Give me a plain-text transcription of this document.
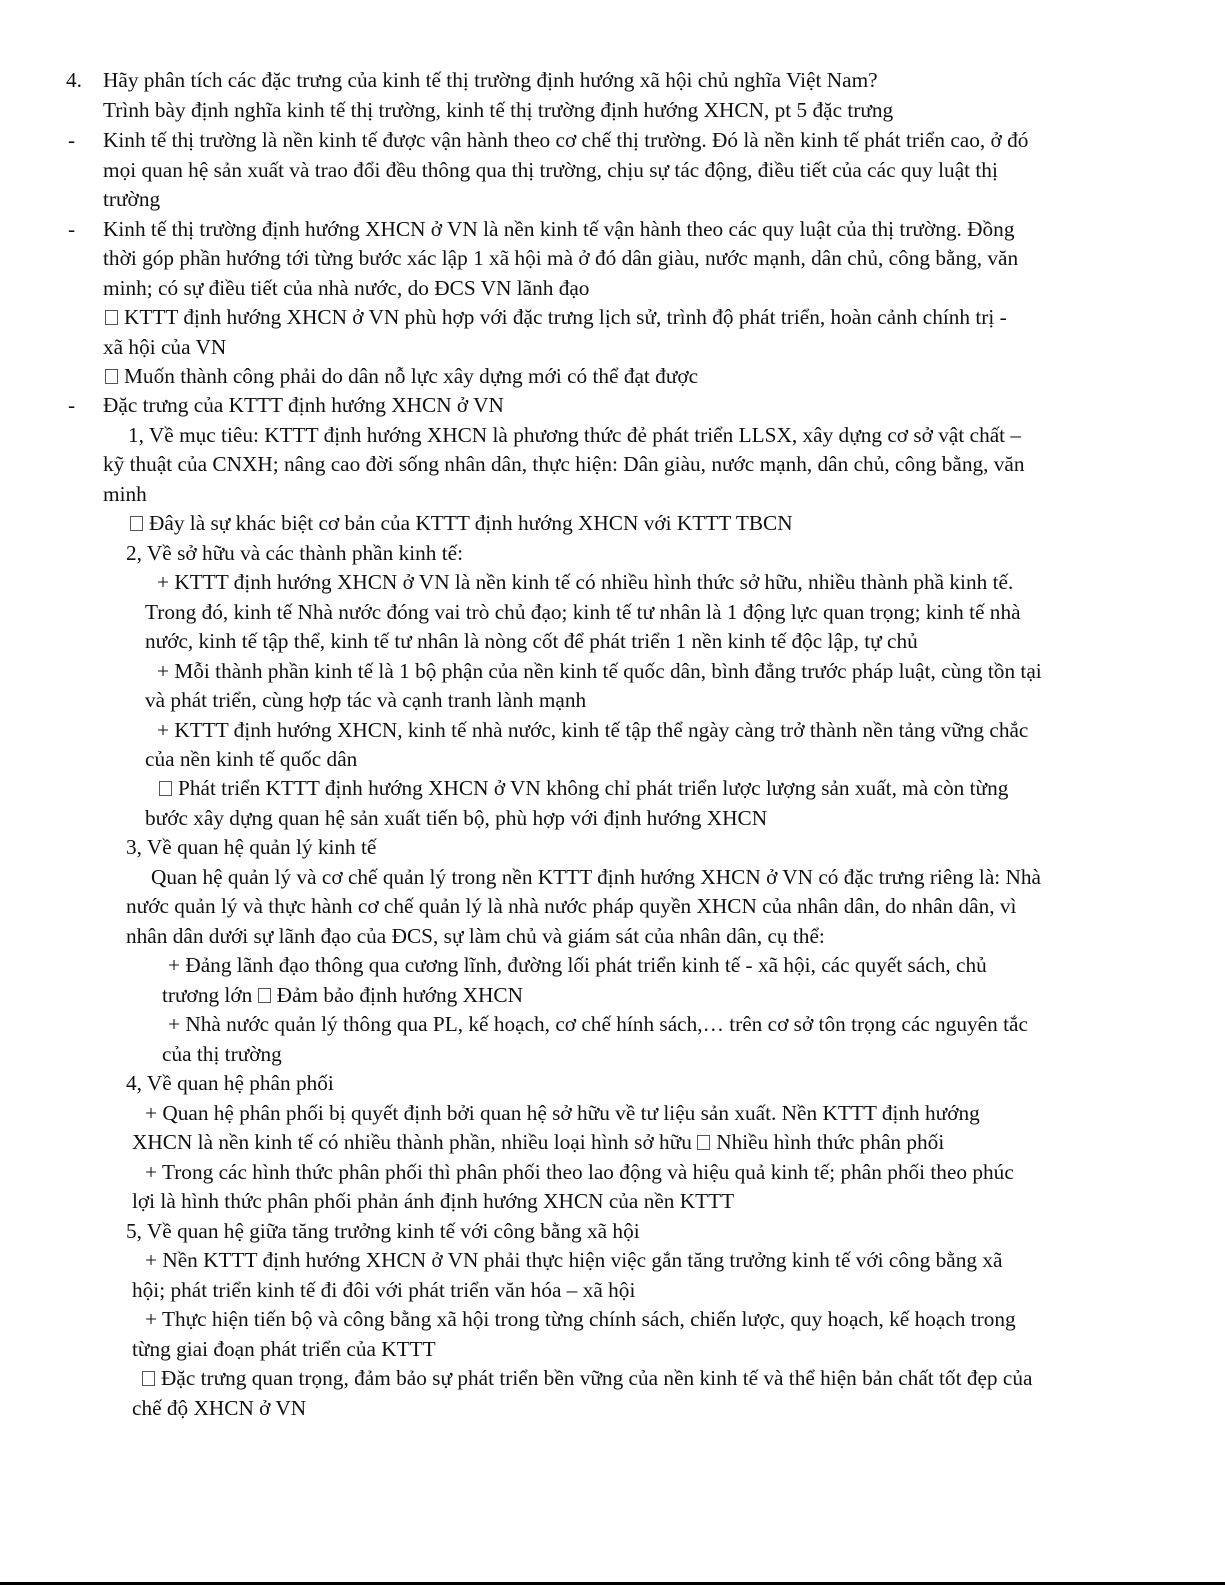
4. Hãy phân tích các đặc trưng của kinh tế thị trường định hướng xã hội chủ nghĩa Việt Nam?
Trình bày định nghĩa kinh tế thị trường, kinh tế thị trường định hướng XHCN, pt 5 đặc trưng
- Kinh tế thị trường là nền kinh tế được vận hành theo cơ chế thị trường. Đó là nền kinh tế phát triển cao, ở đó
mọi quan hệ sản xuất và trao đổi đều thông qua thị trường, chịu sự tác động, điều tiết của các quy luật thị
trường
- Kinh tế thị trường định hướng XHCN ở VN là nền kinh tế vận hành theo các quy luật của thị trường. Đồng
thời góp phần hướng tới từng bước xác lập 1 xã hội mà ở đó dân giàu, nước mạnh, dân chủ, công bằng, văn
minh; có sự điều tiết của nhà nước, do ĐCS VN lãnh đạo
KTTT định hướng XHCN ở VN phù hợp với đặc trưng lịch sử, trình độ phát triển, hoàn cảnh chính trị -
xã hội của VN
Muốn thành công phải do dân nỗ lực xây dựng mới có thể đạt được
- Đặc trưng của KTTT định hướng XHCN ở VN
1, Về mục tiêu: KTTT định hướng XHCN là phương thức đẻ phát triển LLSX, xây dựng cơ sở vật chất –
kỹ thuật của CNXH; nâng cao đời sống nhân dân, thực hiện: Dân giàu, nước mạnh, dân chủ, công bằng, văn
minh
Đây là sự khác biệt cơ bản của KTTT định hướng XHCN với KTTT TBCN
2, Về sở hữu và các thành phần kinh tế:
+ KTTT định hướng XHCN ở VN là nền kinh tế có nhiều hình thức sở hữu, nhiều thành phầ kinh tế.
Trong đó, kinh tế Nhà nước đóng vai trò chủ đạo; kinh tế tư nhân là 1 động lực quan trọng; kinh tế nhà
nước, kinh tế tập thể, kinh tế tư nhân là nòng cốt để phát triển 1 nền kinh tế độc lập, tự chủ
+ Mỗi thành phần kinh tế là 1 bộ phận của nền kinh tế quốc dân, bình đẳng trước pháp luật, cùng tồn tại
và phát triển, cùng hợp tác và cạnh tranh lành mạnh
+ KTTT định hướng XHCN, kinh tế nhà nước, kinh tế tập thể ngày càng trở thành nền tảng vững chắc
của nền kinh tế quốc dân
Phát triển KTTT định hướng XHCN ở VN không chỉ phát triển lược lượng sản xuất, mà còn từng
bước xây dựng quan hệ sản xuất tiến bộ, phù hợp với định hướng XHCN
3, Về quan hệ quản lý kinh tế
Quan hệ quản lý và cơ chế quản lý trong nền KTTT định hướng XHCN ở VN có đặc trưng riêng là: Nhà
nước quản lý và thực hành cơ chế quản lý là nhà nước pháp quyền XHCN của nhân dân, do nhân dân, vì
nhân dân dưới sự lãnh đạo của ĐCS, sự làm chủ và giám sát của nhân dân, cụ thể:
+ Đảng lãnh đạo thông qua cương lĩnh, đường lối phát triển kinh tế - xã hội, các quyết sách, chủ
trương lớn Đảm bảo định hướng XHCN
+ Nhà nước quản lý thông qua PL, kế hoạch, cơ chế hính sách,… trên cơ sở tôn trọng các nguyên tắc
của thị trường
4, Về quan hệ phân phối
+ Quan hệ phân phối bị quyết định bởi quan hệ sở hữu về tư liệu sản xuất. Nền KTTT định hướng
XHCN là nền kinh tế có nhiều thành phần, nhiều loại hình sở hữu Nhiều hình thức phân phối
+ Trong các hình thức phân phối thì phân phối theo lao động và hiệu quả kinh tế; phân phối theo phúc
lợi là hình thức phân phối phản ánh định hướng XHCN của nền KTTT
5, Về quan hệ giữa tăng trưởng kinh tế với công bằng xã hội
+ Nền KTTT định hướng XHCN ở VN phải thực hiện việc gắn tăng trưởng kinh tế với công bằng xã
hội; phát triển kinh tế đi đôi với phát triển văn hóa – xã hội
+ Thực hiện tiến bộ và công bằng xã hội trong từng chính sách, chiến lược, quy hoạch, kế hoạch trong
từng giai đoạn phát triển của KTTT
Đặc trưng quan trọng, đảm bảo sự phát triển bền vững của nền kinh tế và thể hiện bản chất tốt đẹp của
chế độ XHCN ở VN
